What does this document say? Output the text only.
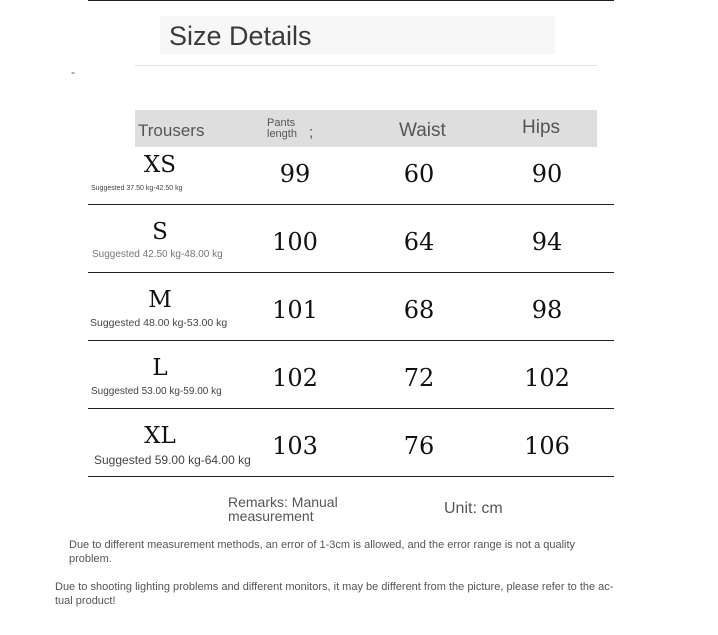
Size Details
-
Trousers	Pants
length ;	Waist	Hips
XS
Suggested 37.50 kg-42.50 kg
99	60	90
S
Suggested 42.50 kg-48.00 kg	100	64	94
M
Suggested 48.00 kg-53.00 kg	101	68	98
L
Suggested 53.00 kg-59.00 kg	102	72	102
XL
Suggested 59.00 kg-64.00 kg 103	76	106
Remarks: Manual
measurement	Unit: cm
Due to different measurement methods, an error of 1-3cm is allowed, and the error range is not a quality
problem.
Due to shooting lighting problems and different monitors, it may be different from the picture, please refer to the ac-
tual product!
